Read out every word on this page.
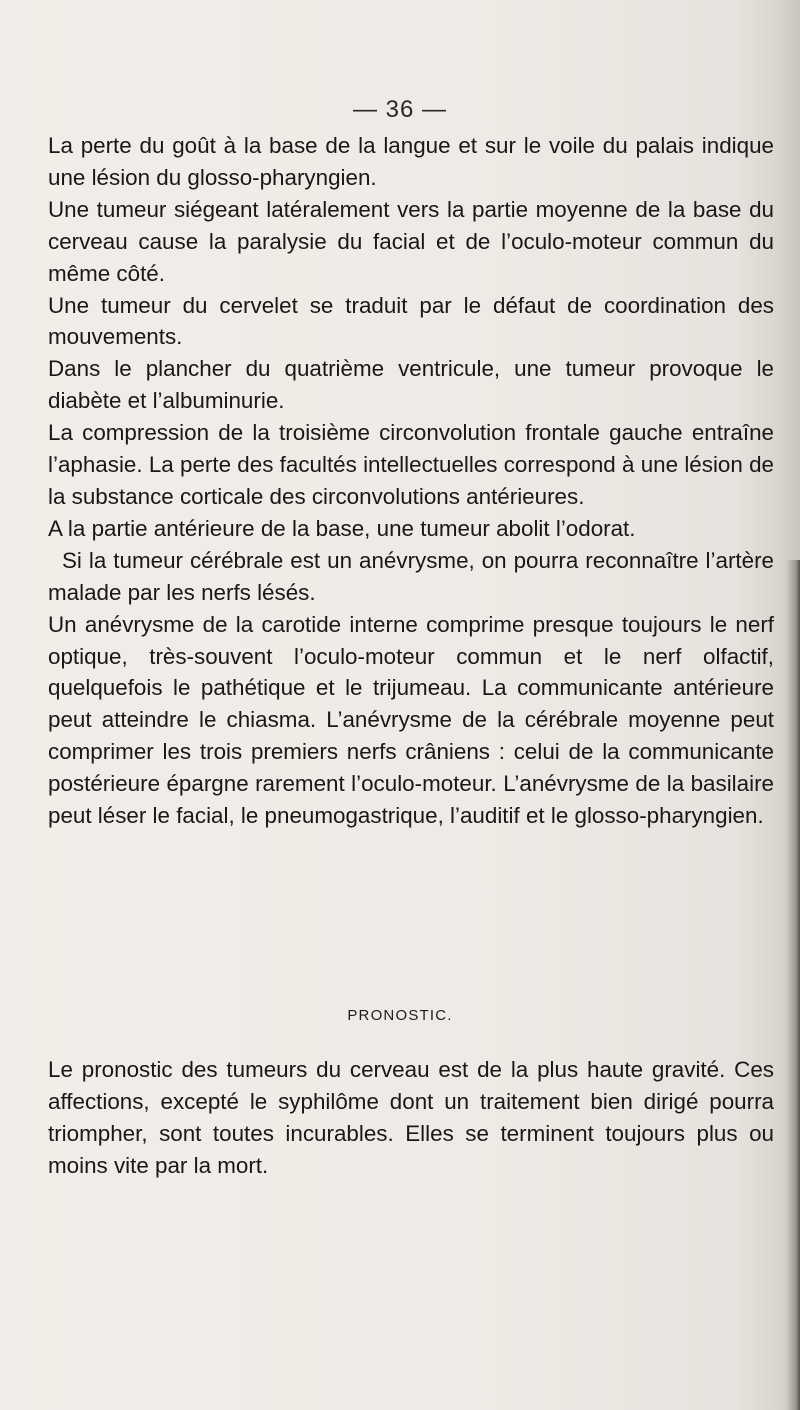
— 36 —

La perte du goût à la base de la langue et sur le voile du palais indique une lésion du glosso-pharyngien.

Une tumeur siégeant latéralement vers la partie moyenne de la base du cerveau cause la paralysie du facial et de l’oculo-moteur commun du même côté.

Une tumeur du cervelet se traduit par le défaut de coordination des mouvements.

Dans le plancher du quatrième ventricule, une tumeur provoque le diabète et l’albuminurie.

La compression de la troisième circonvolution frontale gauche entraîne l’aphasie. La perte des facultés intellectuelles correspond à une lésion de la substance corticale des circonvolutions antérieures.

A la partie antérieure de la base, une tumeur abolit l’odorat.

Si la tumeur cérébrale est un anévrysme, on pourra reconnaître l’artère malade par les nerfs lésés.

Un anévrysme de la carotide interne comprime presque toujours le nerf optique, très-souvent l’oculo-moteur commun et le nerf olfactif, quelquefois le pathétique et le trijumeau. La communicante antérieure peut atteindre le chiasma. L’anévrysme de la cérébrale moyenne peut comprimer les trois premiers nerfs crâniens : celui de la communicante postérieure épargne rarement l’oculo-moteur. L’anévrysme de la basilaire peut léser le facial, le pneumogastrique, l’auditif et le glosso-pharyngien.

PRONOSTIC.

Le pronostic des tumeurs du cerveau est de la plus haute gravité. Ces affections, excepté le syphilôme dont un traitement bien dirigé pourra triompher, sont toutes incurables. Elles se terminent toujours plus ou moins vite par la mort.
